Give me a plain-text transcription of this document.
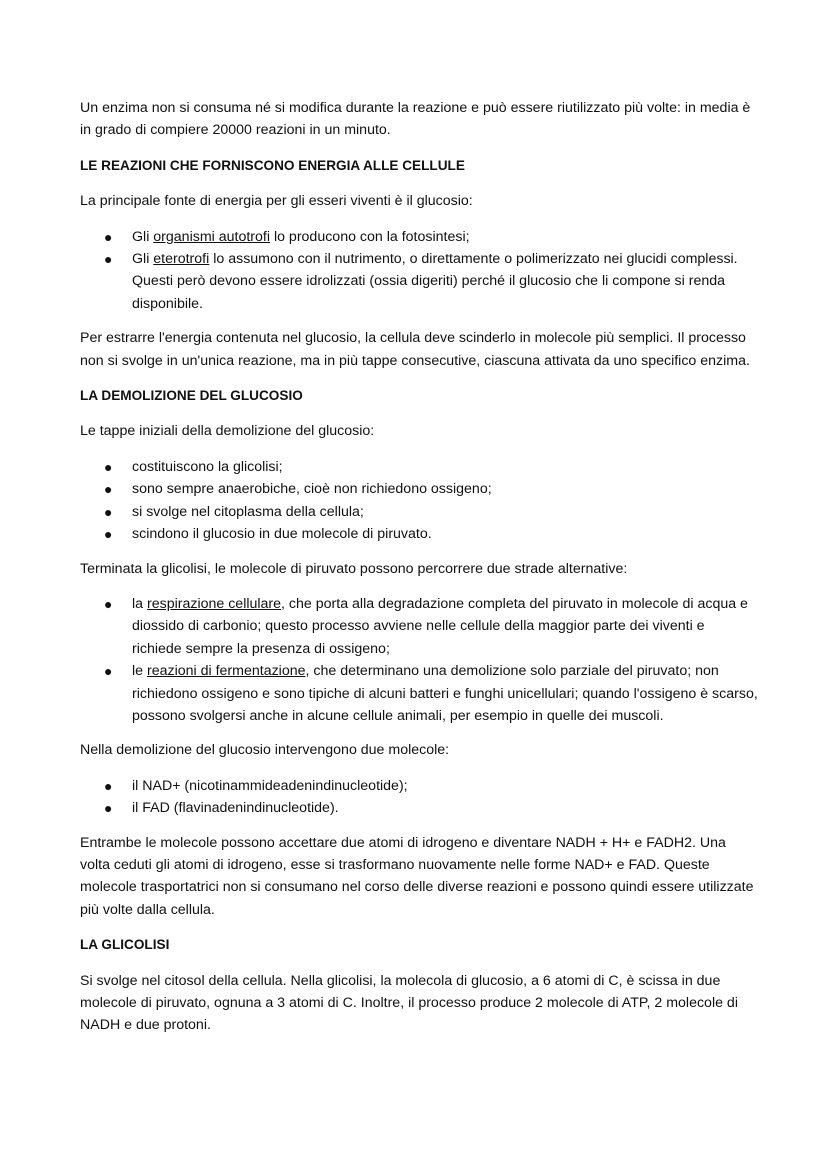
Un enzima non si consuma né si modifica durante la reazione e può essere riutilizzato più volte: in media è in grado di compiere 20000 reazioni in un minuto.

LE REAZIONI CHE FORNISCONO ENERGIA ALLE CELLULE

La principale fonte di energia per gli esseri viventi è il glucosio:

● Gli organismi autotrofi lo producono con la fotosintesi;
● Gli eterotrofi lo assumono con il nutrimento, o direttamente o polimerizzato nei glucidi complessi. Questi però devono essere idrolizzati (ossia digeriti) perché il glucosio che li compone si renda disponibile.

Per estrarre l'energia contenuta nel glucosio, la cellula deve scinderlo in molecole più semplici. Il processo non si svolge in un'unica reazione, ma in più tappe consecutive, ciascuna attivata da uno specifico enzima.

LA DEMOLIZIONE DEL GLUCOSIO

Le tappe iniziali della demolizione del glucosio:

● costituiscono la glicolisi;
● sono sempre anaerobiche, cioè non richiedono ossigeno;
● si svolge nel citoplasma della cellula;
● scindono il glucosio in due molecole di piruvato.

Terminata la glicolisi, le molecole di piruvato possono percorrere due strade alternative:

● la respirazione cellulare, che porta alla degradazione completa del piruvato in molecole di acqua e diossido di carbonio; questo processo avviene nelle cellule della maggior parte dei viventi e richiede sempre la presenza di ossigeno;
● le reazioni di fermentazione, che determinano una demolizione solo parziale del piruvato; non richiedono ossigeno e sono tipiche di alcuni batteri e funghi unicellulari; quando l'ossigeno è scarso, possono svolgersi anche in alcune cellule animali, per esempio in quelle dei muscoli.

Nella demolizione del glucosio intervengono due molecole:

● il NAD+ (nicotinammideadenindinucleotide);
● il FAD (flavinadenindinucleotide).

Entrambe le molecole possono accettare due atomi di idrogeno e diventare NADH + H+ e FADH2. Una volta ceduti gli atomi di idrogeno, esse si trasformano nuovamente nelle forme NAD+ e FAD. Queste molecole trasportatrici non si consumano nel corso delle diverse reazioni e possono quindi essere utilizzate più volte dalla cellula.

LA GLICOLISI

Si svolge nel citosol della cellula. Nella glicolisi, la molecola di glucosio, a 6 atomi di C, è scissa in due molecole di piruvato, ognuna a 3 atomi di C. Inoltre, il processo produce 2 molecole di ATP, 2 molecole di NADH e due protoni.
